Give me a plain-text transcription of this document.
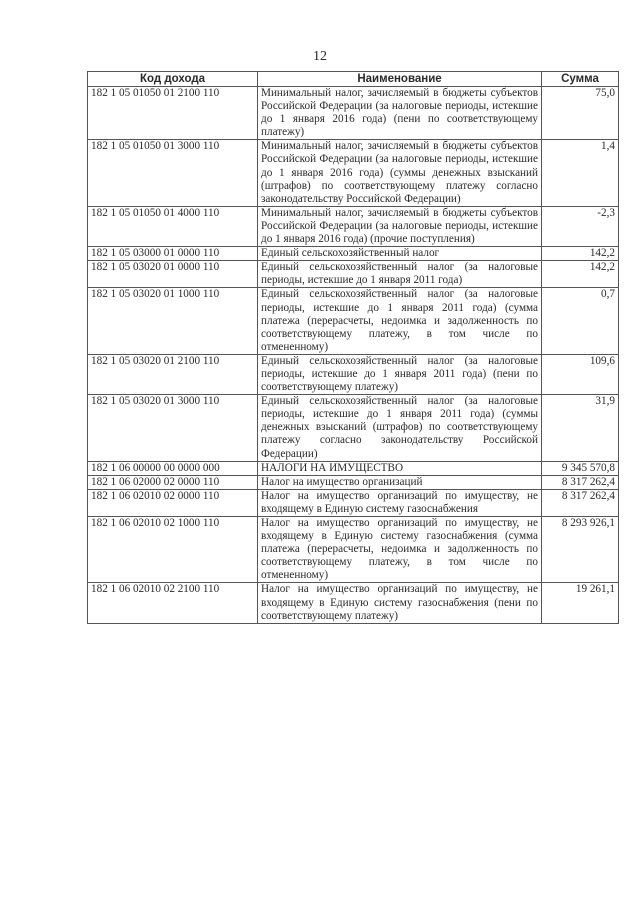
12
Код дохода	Наименование	Сумма
182 1 05 01050 01 2100 110	Минимальный налог, зачисляемый в бюджеты субъектов Российской Федерации (за налоговые периоды, истекшие до 1 января 2016 года) (пени по соответствующему платежу)	75,0
182 1 05 01050 01 3000 110	Минимальный налог, зачисляемый в бюджеты субъектов Российской Федерации (за налоговые периоды, истекшие до 1 января 2016 года) (суммы денежных взысканий (штрафов) по соответствующему платежу согласно законодательству Российской Федерации)	1,4
182 1 05 01050 01 4000 110	Минимальный налог, зачисляемый в бюджеты субъектов Российской Федерации (за налоговые периоды, истекшие до 1 января 2016 года) (прочие поступления)	-2,3
182 1 05 03000 01 0000 110	Единый сельскохозяйственный налог	142,2
182 1 05 03020 01 0000 110	Единый сельскохозяйственный налог (за налоговые периоды, истекшие до 1 января 2011 года)	142,2
182 1 05 03020 01 1000 110	Единый сельскохозяйственный налог (за налоговые периоды, истекшие до 1 января 2011 года) (сумма платежа (перерасчеты, недоимка и задолженность по соответствующему платежу, в том числе по отмененному)	0,7
182 1 05 03020 01 2100 110	Единый сельскохозяйственный налог (за налоговые периоды, истекшие до 1 января 2011 года) (пени по соответствующему платежу)	109,6
182 1 05 03020 01 3000 110	Единый сельскохозяйственный налог (за налоговые периоды, истекшие до 1 января 2011 года) (суммы денежных взысканий (штрафов) по соответствующему платежу согласно законодательству Российской Федерации)	31,9
182 1 06 00000 00 0000 000	НАЛОГИ НА ИМУЩЕСТВО	9 345 570,8
182 1 06 02000 02 0000 110	Налог на имущество организаций	8 317 262,4
182 1 06 02010 02 0000 110	Налог на имущество организаций по имуществу, не входящему в Единую систему газоснабжения	8 317 262,4
182 1 06 02010 02 1000 110	Налог на имущество организаций по имуществу, не входящему в Единую систему газоснабжения (сумма платежа (перерасчеты, недоимка и задолженность по соответствующему платежу, в том числе по отмененному)	8 293 926,1
182 1 06 02010 02 2100 110	Налог на имущество организаций по имуществу, не входящему в Единую систему газоснабжения (пени по соответствующему платежу)	19 261,1
